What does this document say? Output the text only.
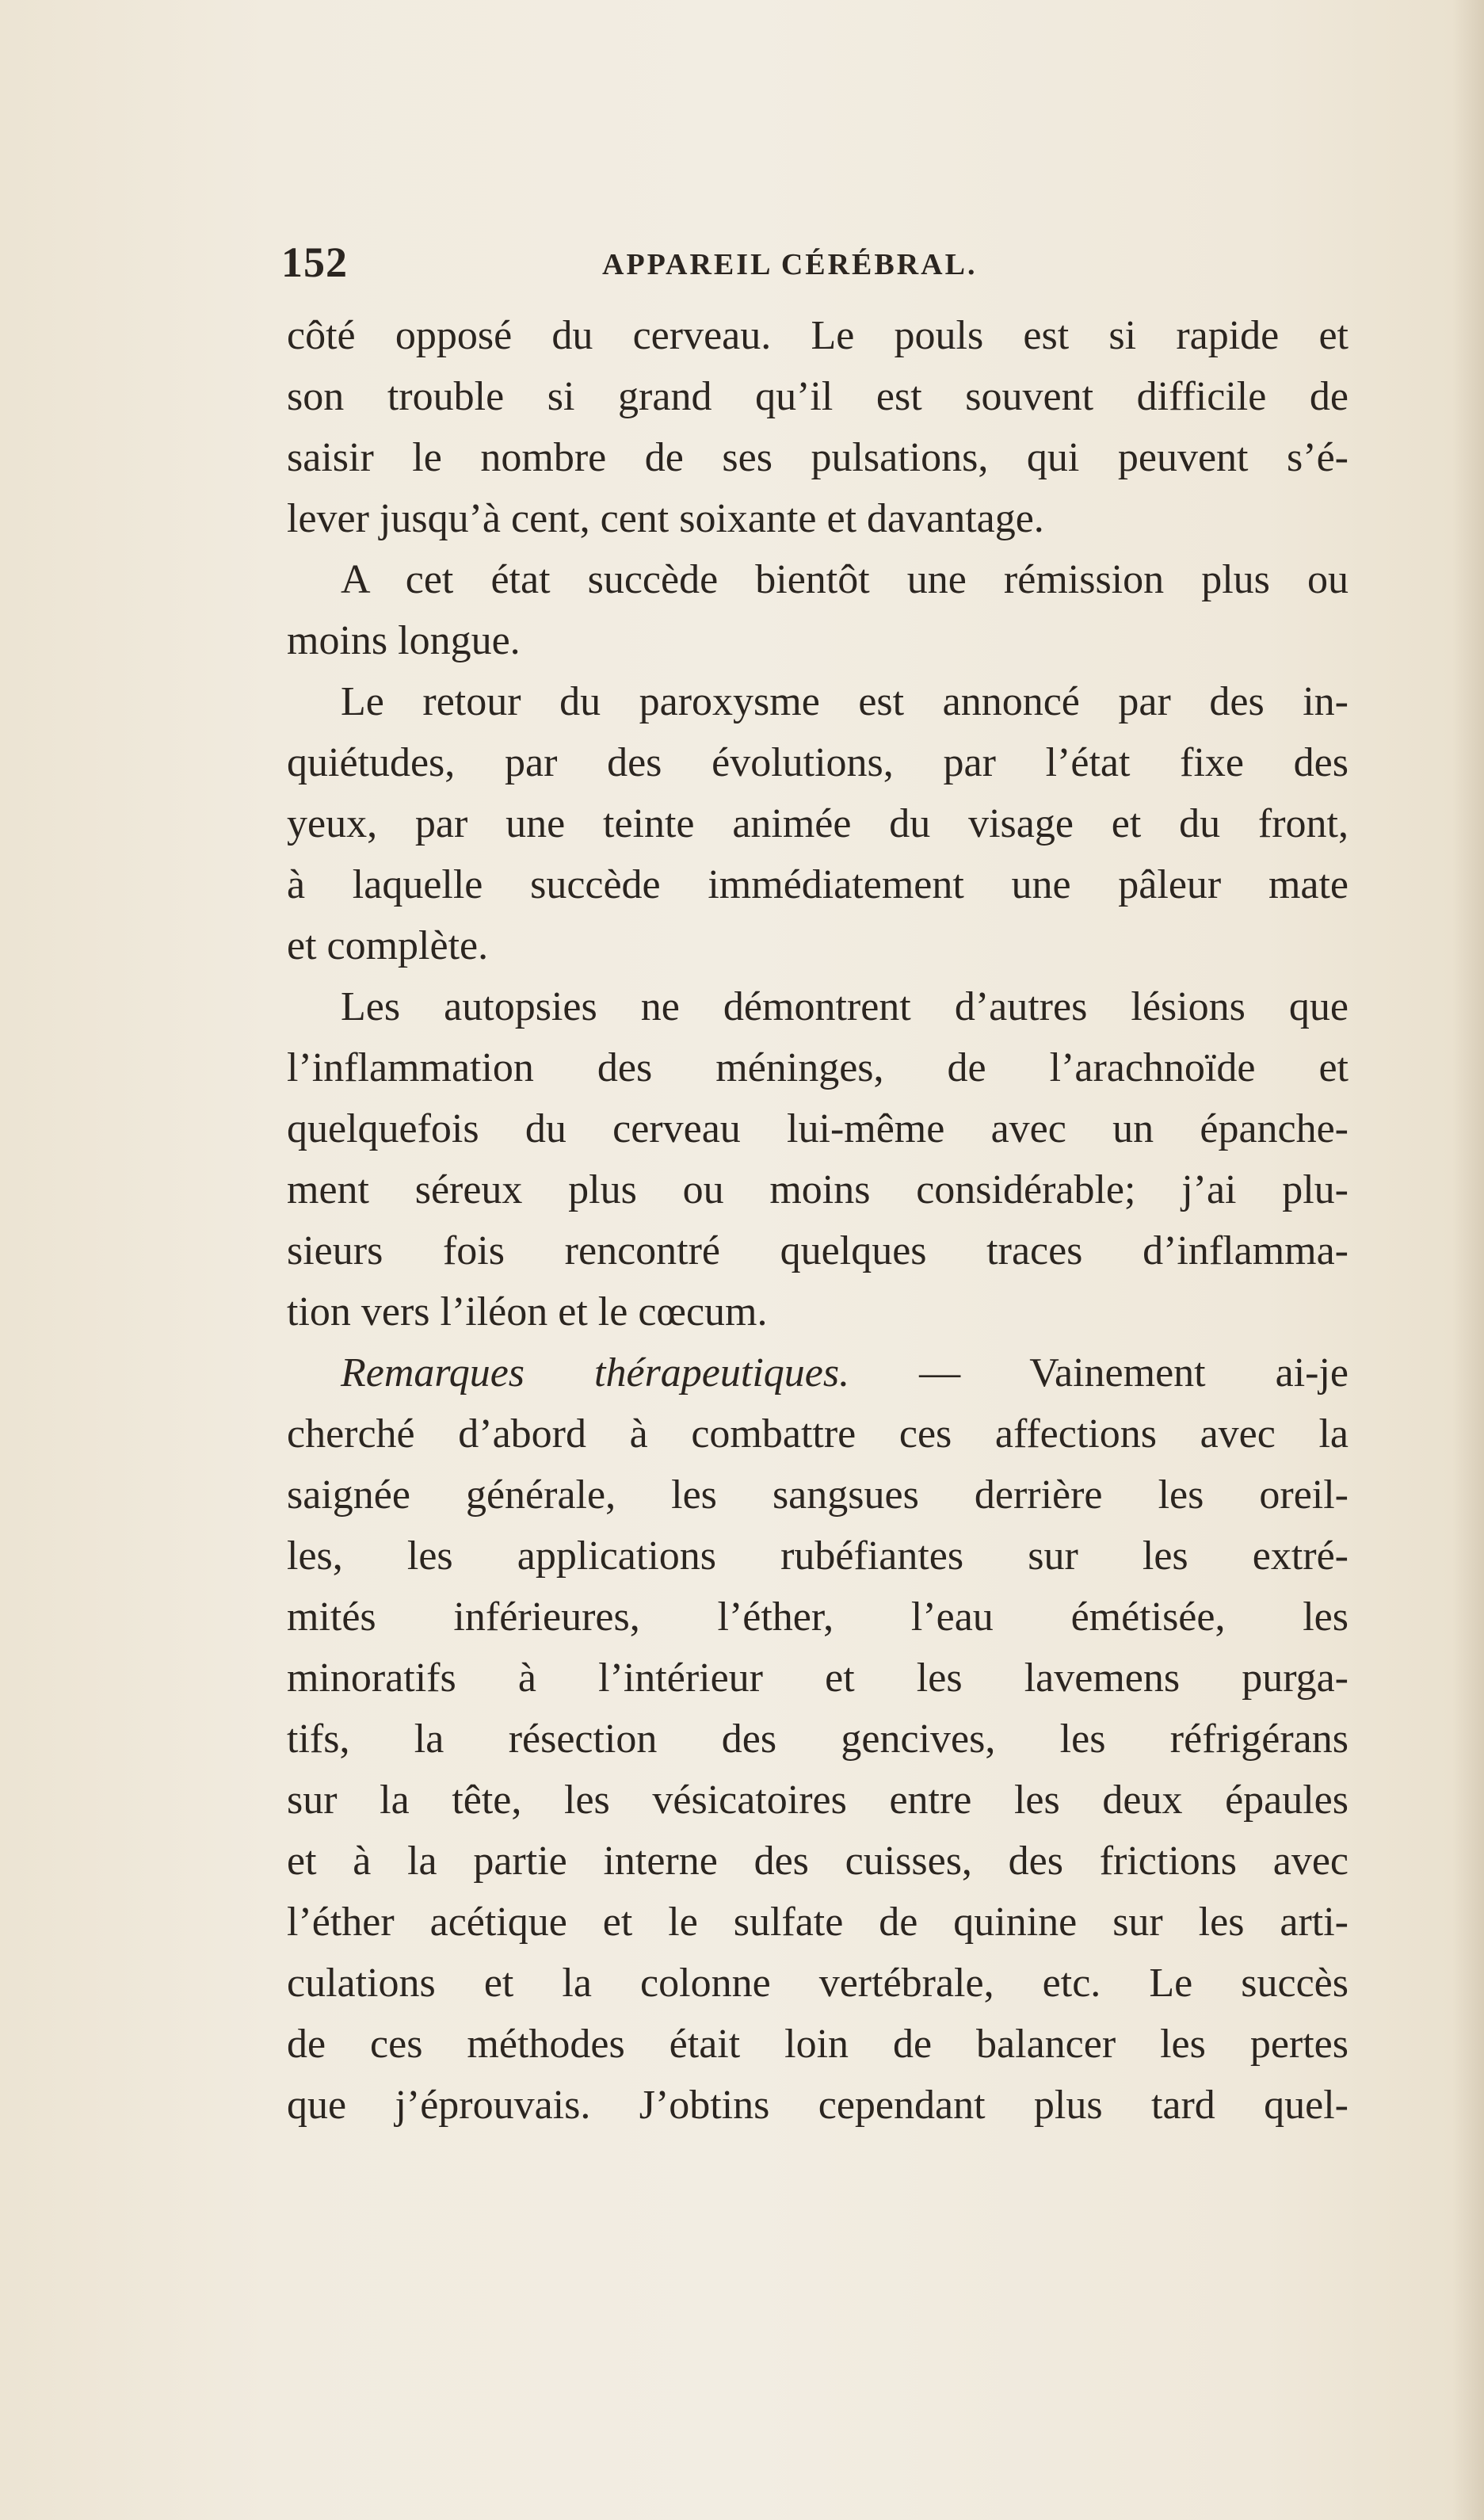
152	APPAREIL CÉRÉBRAL.
côté opposé du cerveau. Le pouls est si rapide et
son trouble si grand qu’il est souvent difficile de
saisir le nombre de ses pulsations, qui peuvent s’é-
lever jusqu’à cent, cent soixante et davantage.
A cet état succède bientôt une rémission plus ou
moins longue.
Le retour du paroxysme est annoncé par des in-
quiétudes, par des évolutions, par l’état fixe des
yeux, par une teinte animée du visage et du front,
à laquelle succède immédiatement une pâleur mate
et complète.
Les autopsies ne démontrent d’autres lésions que
l’inflammation des méninges, de l’arachnoïde et
quelquefois du cerveau lui-même avec un épanche-
ment séreux plus ou moins considérable; j’ai plu-
sieurs fois rencontré quelques traces d’inflamma-
tion vers l’iléon et le cœcum.
Remarques thérapeutiques. — Vainement ai-je
cherché d’abord à combattre ces affections avec la
saignée générale, les sangsues derrière les oreil-
les, les applications rubéfiantes sur les extré-
mités inférieures, l’éther, l’eau émétisée, les
minoratifs à l’intérieur et les lavemens purga-
tifs, la résection des gencives, les réfrigérans
sur la tête, les vésicatoires entre les deux épaules
et à la partie interne des cuisses, des frictions avec
l’éther acétique et le sulfate de quinine sur les arti-
culations et la colonne vertébrale, etc. Le succès
de ces méthodes était loin de balancer les pertes
que j’éprouvais. J’obtins cependant plus tard quel-
